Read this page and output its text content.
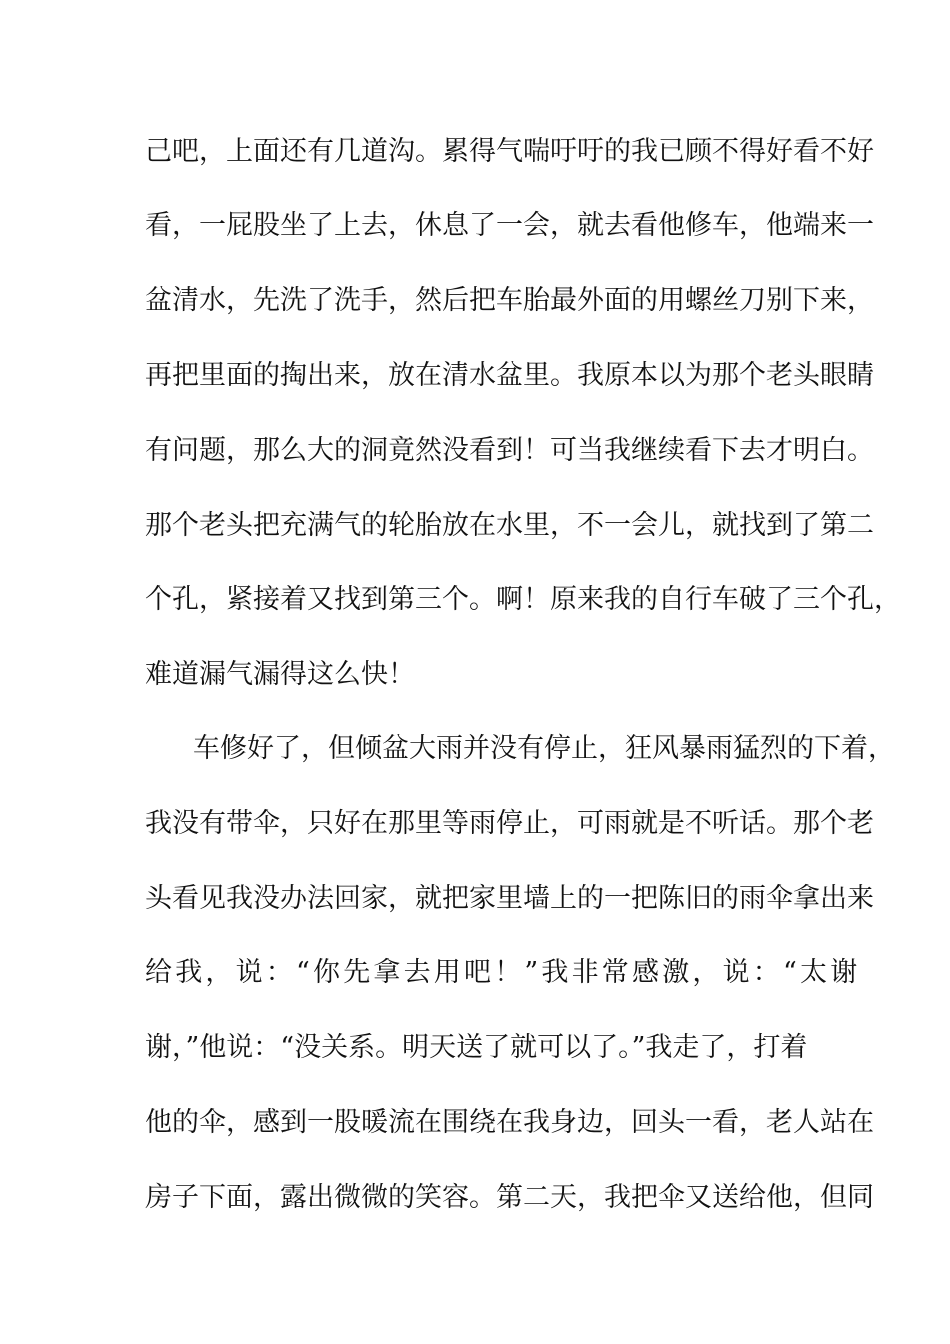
己吧，上面还有几道沟。累得气喘吁吁的我已顾不得好看不好
看，一屁股坐了上去，休息了一会，就去看他修车，他端来一
盆清水，先洗了洗手，然后把车胎最外面的用螺丝刀别下来，
再把里面的掏出来，放在清水盆里。我原本以为那个老头眼睛
有问题，那么大的洞竟然没看到！可当我继续看下去才明白。
那个老头把充满气的轮胎放在水里，不一会儿，就找到了第二
个孔，紧接着又找到第三个。啊！原来我的自行车破了三个孔，
难道漏气漏得这么快！
车修好了，但倾盆大雨并没有停止，狂风暴雨猛烈的下着，
我没有带伞，只好在那里等雨停止，可雨就是不听话。那个老
头看见我没办法回家，就把家里墙上的一把陈旧的雨伞拿出来
给我，说：“你先拿去用吧！”我非常感激，说：“太谢
谢，”他说：“没关系。明天送了就可以了。”我走了，打着
他的伞，感到一股暖流在围绕在我身边，回头一看，老人站在
房子下面，露出微微的笑容。第二天，我把伞又送给他，但同
